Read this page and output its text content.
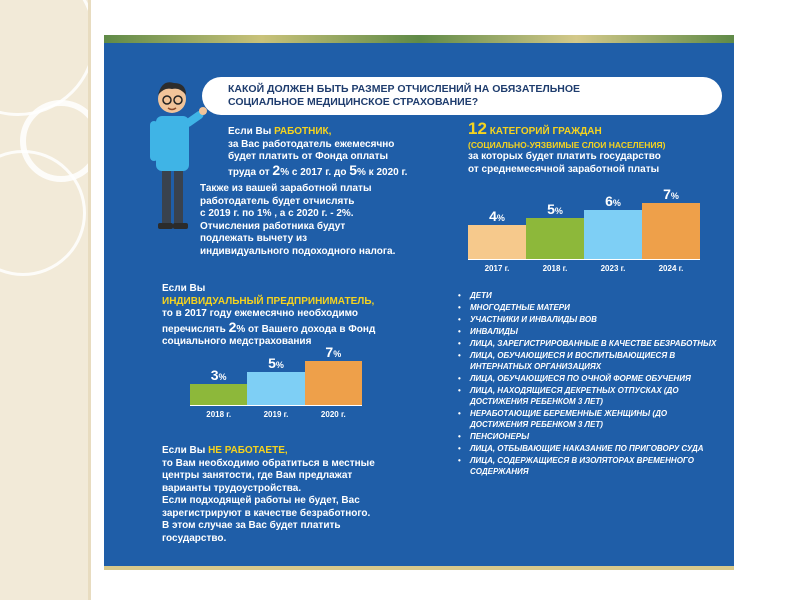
КАКОЙ ДОЛЖЕН БЫТЬ РАЗМЕР ОТЧИСЛЕНИЙ НА ОБЯЗАТЕЛЬНОЕ
СОЦИАЛЬНОЕ МЕДИЦИНСКОЕ СТРАХОВАНИЕ?
Если Вы РАБОТНИК,
за Вас работодатель ежемесячно
будет платить от Фонда оплаты
труда от 2% с 2017 г. до 5% к 2020 г.
Также из вашей заработной платы
работодатель будет отчислять
с 2019 г. по 1% , а с 2020 г. - 2%.
Отчисления работника будут
подлежать вычету из
индивидуального подоходного налога.
12 КАТЕГОРИЙ ГРАЖДАН
(СОЦИАЛЬНО-УЯЗВИМЫЕ СЛОИ НАСЕЛЕНИЯ)
за которых будет платить государство
от среднемесячной заработной платы
4%
2017 г.
5%
2018 г.
6%
2023 г.
7%
2024 г.
Если Вы
ИНДИВИДУАЛЬНЫЙ ПРЕДПРИНИМАТЕЛЬ,
то в 2017 году ежемесячно необходимо
перечислять 2% от Вашего дохода в Фонд
социального медстрахования
3%
2018 г.
5%
2019 г.
7%
2020 г.
Если Вы НЕ РАБОТАЕТЕ,
то Вам необходимо обратиться в местные
центры занятости, где Вам предлажат
варианты трудоустройства.
Если подходящей работы не будет, Вас
зарегистрируют в качестве безработного.
В этом случае за Вас будет платить
государство.
• ДЕТИ
• МНОГОДЕТНЫЕ МАТЕРИ
• УЧАСТНИКИ И ИНВАЛИДЫ ВОВ
• ИНВАЛИДЫ
• ЛИЦА, ЗАРЕГИСТРИРОВАННЫЕ В КАЧЕСТВЕ БЕЗРАБОТНЫХ
• ЛИЦА, ОБУЧАЮЩИЕСЯ И ВОСПИТЫВАЮЩИЕСЯ В ИНТЕРНАТНЫХ ОРГАНИЗАЦИЯХ
• ЛИЦА, ОБУЧАЮЩИЕСЯ ПО ОЧНОЙ ФОРМЕ ОБУЧЕНИЯ
• ЛИЦА, НАХОДЯЩИЕСЯ ДЕКРЕТНЫХ ОТПУСКАХ (ДО ДОСТИЖЕНИЯ РЕБЕНКОМ 3 ЛЕТ)
• НЕРАБОТАЮЩИЕ БЕРЕМЕННЫЕ ЖЕНЩИНЫ (ДО ДОСТИЖЕНИЯ РЕБЕНКОМ 3 ЛЕТ)
• ПЕНСИОНЕРЫ
• ЛИЦА, ОТБЫВАЮЩИЕ НАКАЗАНИЕ ПО ПРИГОВОРУ СУДА
• ЛИЦА, СОДЕРЖАЩИЕСЯ В ИЗОЛЯТОРАХ ВРЕМЕННОГО СОДЕРЖАНИЯ
